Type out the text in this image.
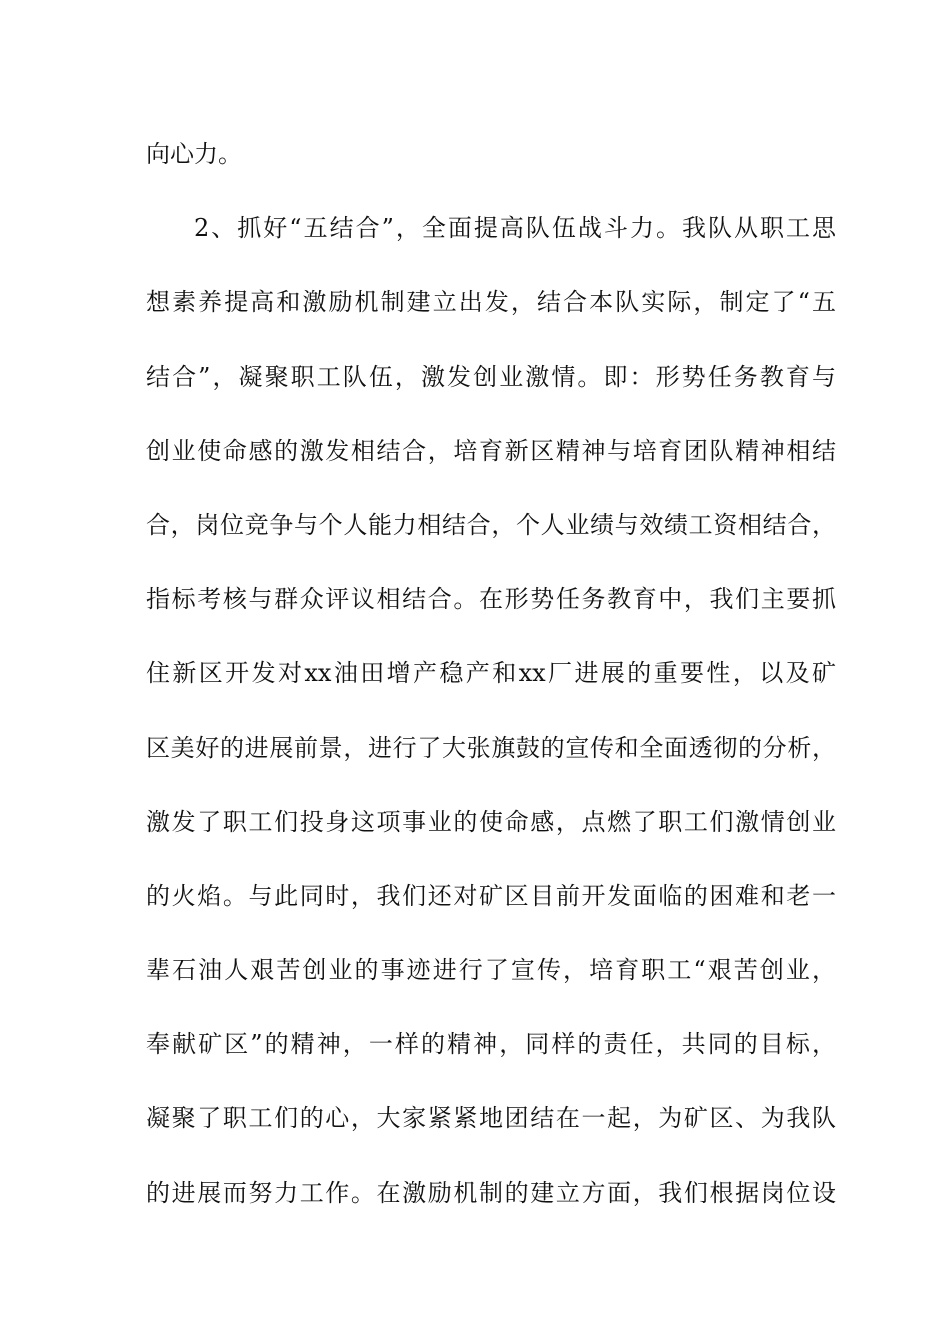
向心力。
2、抓好“五结合”，全面提高队伍战斗力。我队从职工思
想素养提高和激励机制建立出发，结合本队实际，制定了“五
结合”，凝聚职工队伍，激发创业激情。即：形势任务教育与
创业使命感的激发相结合，培育新区精神与培育团队精神相结
合，岗位竞争与个人能力相结合，个人业绩与效绩工资相结合，
指标考核与群众评议相结合。在形势任务教育中，我们主要抓
住新区开发对xx油田增产稳产和xx厂进展的重要性，以及矿
区美好的进展前景，进行了大张旗鼓的宣传和全面透彻的分析，
激发了职工们投身这项事业的使命感，点燃了职工们激情创业
的火焰。与此同时，我们还对矿区目前开发面临的困难和老一
辈石油人艰苦创业的事迹进行了宣传，培育职工“艰苦创业，
奉献矿区”的精神，一样的精神，同样的责任，共同的目标，
凝聚了职工们的心，大家紧紧地团结在一起，为矿区、为我队
的进展而努力工作。在激励机制的建立方面，我们根据岗位设
